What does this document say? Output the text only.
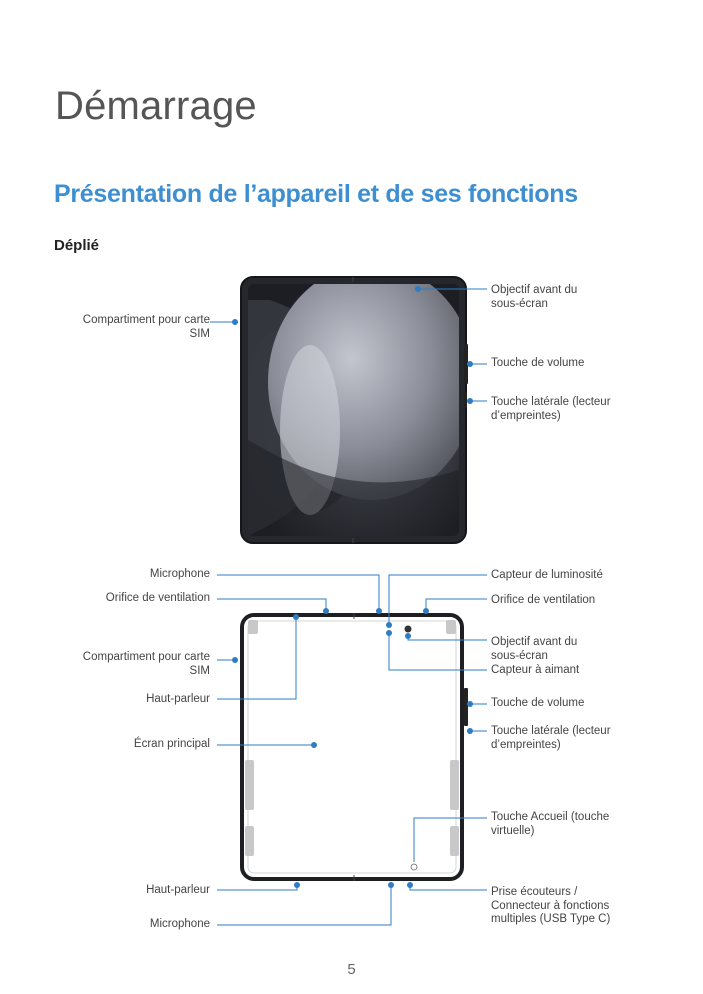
Démarrage
Présentation de l’appareil et de ses fonctions
Déplié
Compartiment pour carte
SIM
Objectif avant du
sous-écran
Touche de volume
Touche latérale (lecteur
d’empreintes)
Microphone
Orifice de ventilation
Compartiment pour carte
SIM
Haut-parleur
Écran principal
Haut-parleur
Microphone
Capteur de luminosité
Orifice de ventilation
Objectif avant du
sous-écran
Capteur à aimant
Touche de volume
Touche latérale (lecteur
d’empreintes)
Touche Accueil (touche
virtuelle)
Prise écouteurs /
Connecteur à fonctions
multiples (USB Type C)
5
